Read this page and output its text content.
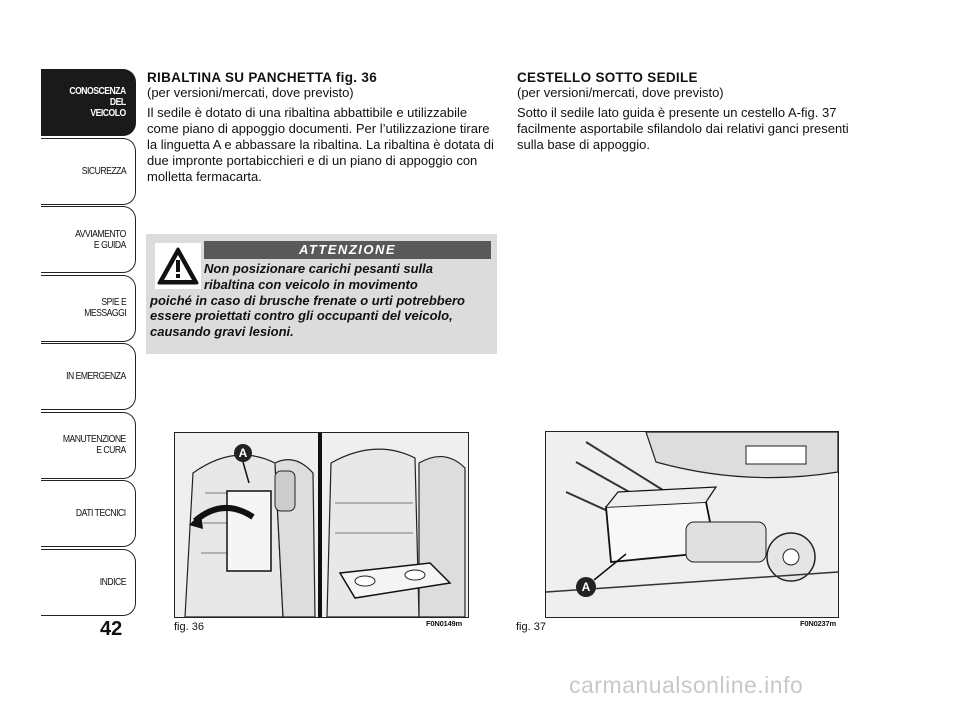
CONOSCENZA
DEL
VEICOLO
SICUREZZA
AVVIAMENTO
E GUIDA
SPIE E
MESSAGGI
IN EMERGENZA
MANUTENZIONE
E CURA
DATI TECNICI
INDICE
42
RIBALTINA SU PANCHETTA fig. 36
(per versioni/mercati, dove previsto)

Il sedile è dotato di una ribaltina abbattibile e utilizzabile come piano di appoggio documenti. Per l’utilizzazione tirare la linguetta A e abbassare la ribaltina. La ribaltina è dotata di due impronte portabicchieri e di un piano di appoggio con molletta fermacarta.

ATTENZIONE
Non posizionare carichi pesanti sulla
ribaltina con veicolo in movimento
poiché in caso di brusche frenate o urti potrebbero essere proiettati contro gli occupanti del veicolo, causando gravi lesioni.
CESTELLO SOTTO SEDILE
(per versioni/mercati, dove previsto)

Sotto il sedile lato guida è presente un cestello A-fig. 37 facilmente asportabile sfilandolo dai relativi ganci presenti sulla base di appoggio.

A
fig. 36	F0N0149m
A
fig. 37	F0N0237m
carmanualsonline.info
